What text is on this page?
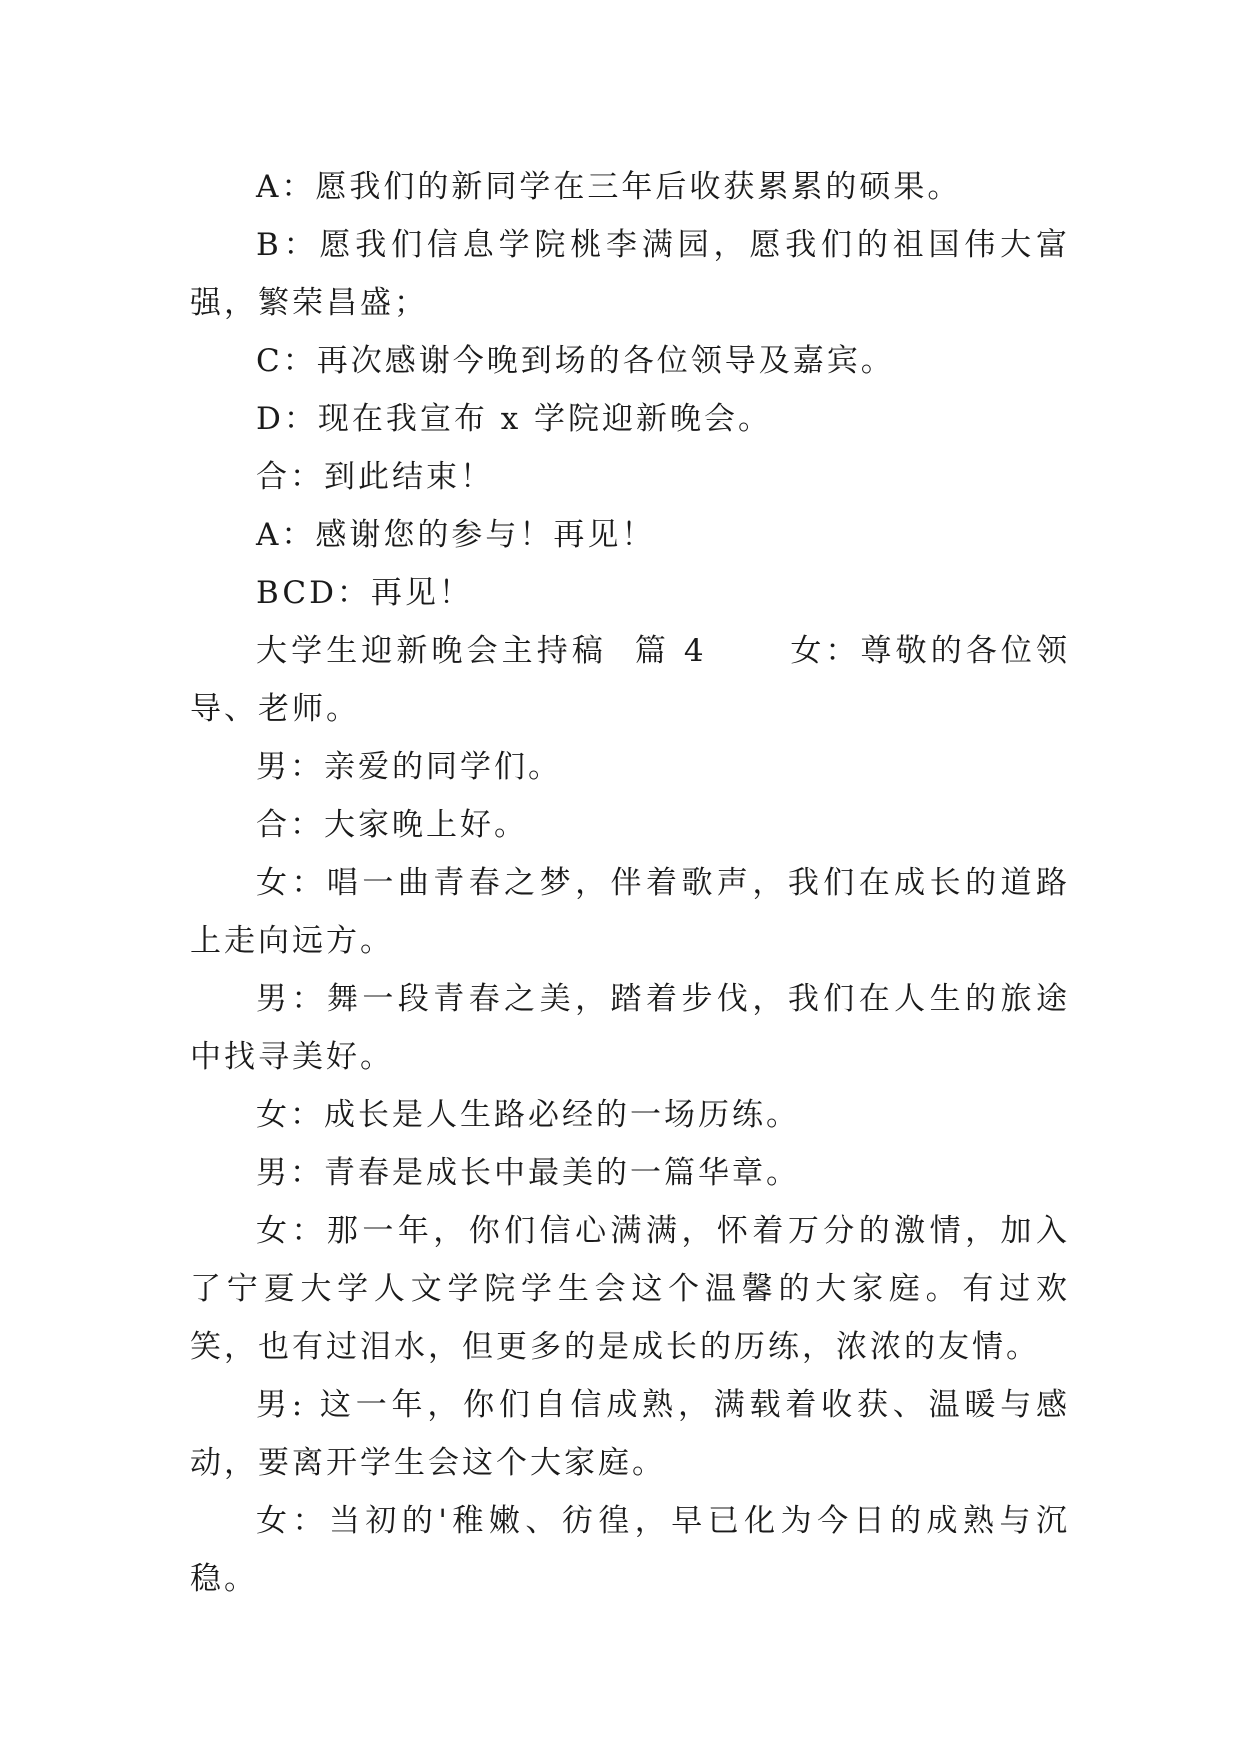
A：愿我们的新同学在三年后收获累累的硕果。

B：愿我们信息学院桃李满园，愿我们的祖国伟大富强，繁荣昌盛；

C：再次感谢今晚到场的各位领导及嘉宾。

D：现在我宣布 x 学院迎新晚会。

合：到此结束！

A：感谢您的参与！再见！

BCD：再见！

大学生迎新晚会主持稿  篇 4      女：尊敬的各位领导、老师。

男：亲爱的同学们。

合：大家晚上好。

女：唱一曲青春之梦，伴着歌声，我们在成长的道路上走向远方。

男：舞一段青春之美，踏着步伐，我们在人生的旅途中找寻美好。

女：成长是人生路必经的一场历练。

男：青春是成长中最美的一篇华章。

女：那一年，你们信心满满，怀着万分的激情，加入了宁夏大学人文学院学生会这个温馨的大家庭。有过欢笑，也有过泪水，但更多的是成长的历练，浓浓的友情。

男: 这一年，你们自信成熟，满载着收获、温暖与感动，要离开学生会这个大家庭。

女：当初的'稚嫩、彷徨，早已化为今日的成熟与沉稳。
